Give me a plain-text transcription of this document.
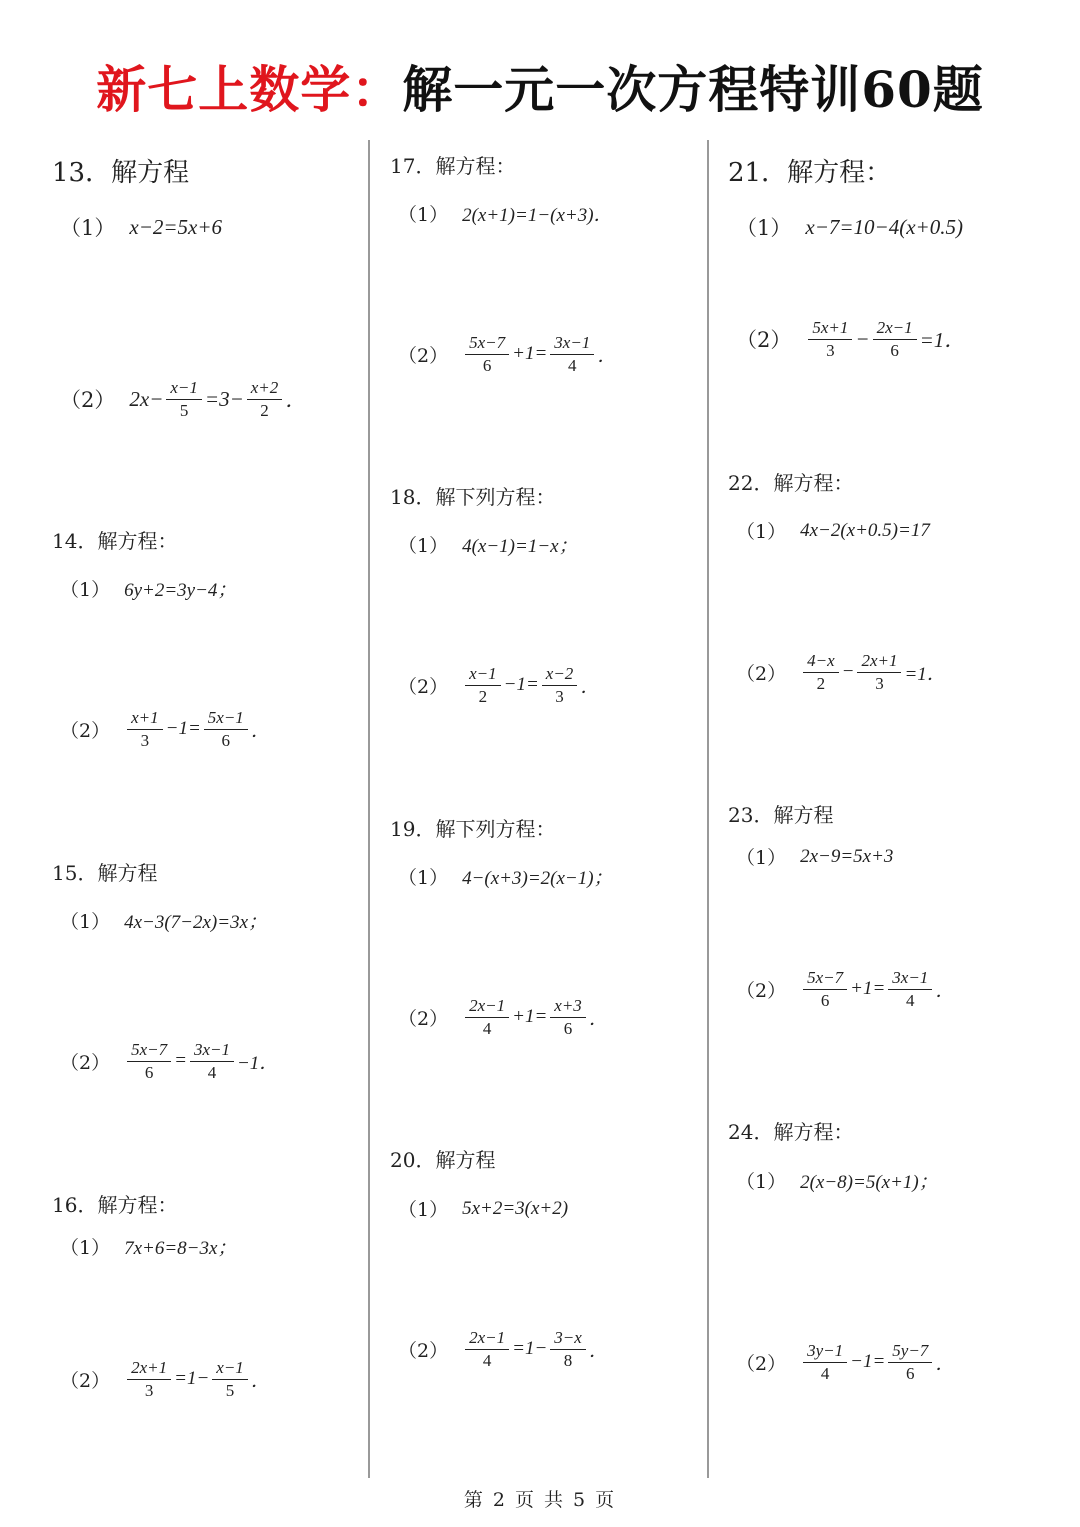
新七上数学：解一元一次方程特训60题
13．解方程
（1） x−2=5x+6
（2） $2x- \frac{x-1}{5} =3- \frac{x+2}{2}$ ．
14．解方程：
（1） 6y+2=3y−4；
$(2) \frac{x+1}{3} -1= \frac{5x-1}{6}$ ．
15．解方程
（1） 4x−3(7−2x)=3x；
$(2) \frac{5x-7}{6} = \frac{3x-1}{4} -1$．
16．解方程：
（1） 7x+6=8−3x；
$(2) \frac{2x+1}{3} =1- \frac{x-1}{5}$ ．
17．解方程：
（1） 2(x+1)=1−(x+3)．
$(2) \frac{5x-7}{6} +1= \frac{3x-1}{4}$ ．
18．解下列方程：
（1） 4(x−1)=1−x；
$(2) \frac{x-1}{2} -1= \frac{x-2}{3}$ ．
19．解下列方程：
（1） 4−(x+3)=2(x−1)；
$(2) \frac{2x-1}{4} +1= \frac{x+3}{6}$ ．
20．解方程
（1） 5x+2=3(x+2)
$(2) \frac{2x-1}{4} =1- \frac{3-x}{8}$ ．
21．解方程：
（1） x−7=10−4(x+0.5)
$(2) \frac{5x+1}{3} - \frac{2x-1}{6} =1$．
22．解方程：
（1） 4x−2(x+0.5)=17
$(2) \frac{4-x}{2} - \frac{2x+1}{3} =1$．
23．解方程
（1） 2x−9=5x+3
$(2) \frac{5x-7}{6} +1= \frac{3x-1}{4}$ ．
24．解方程：
（1） 2(x−8)=5(x+1)；
$(2) \frac{3y-1}{4} -1= \frac{5y-7}{6}$ ．
第 2 页 共 5 页
